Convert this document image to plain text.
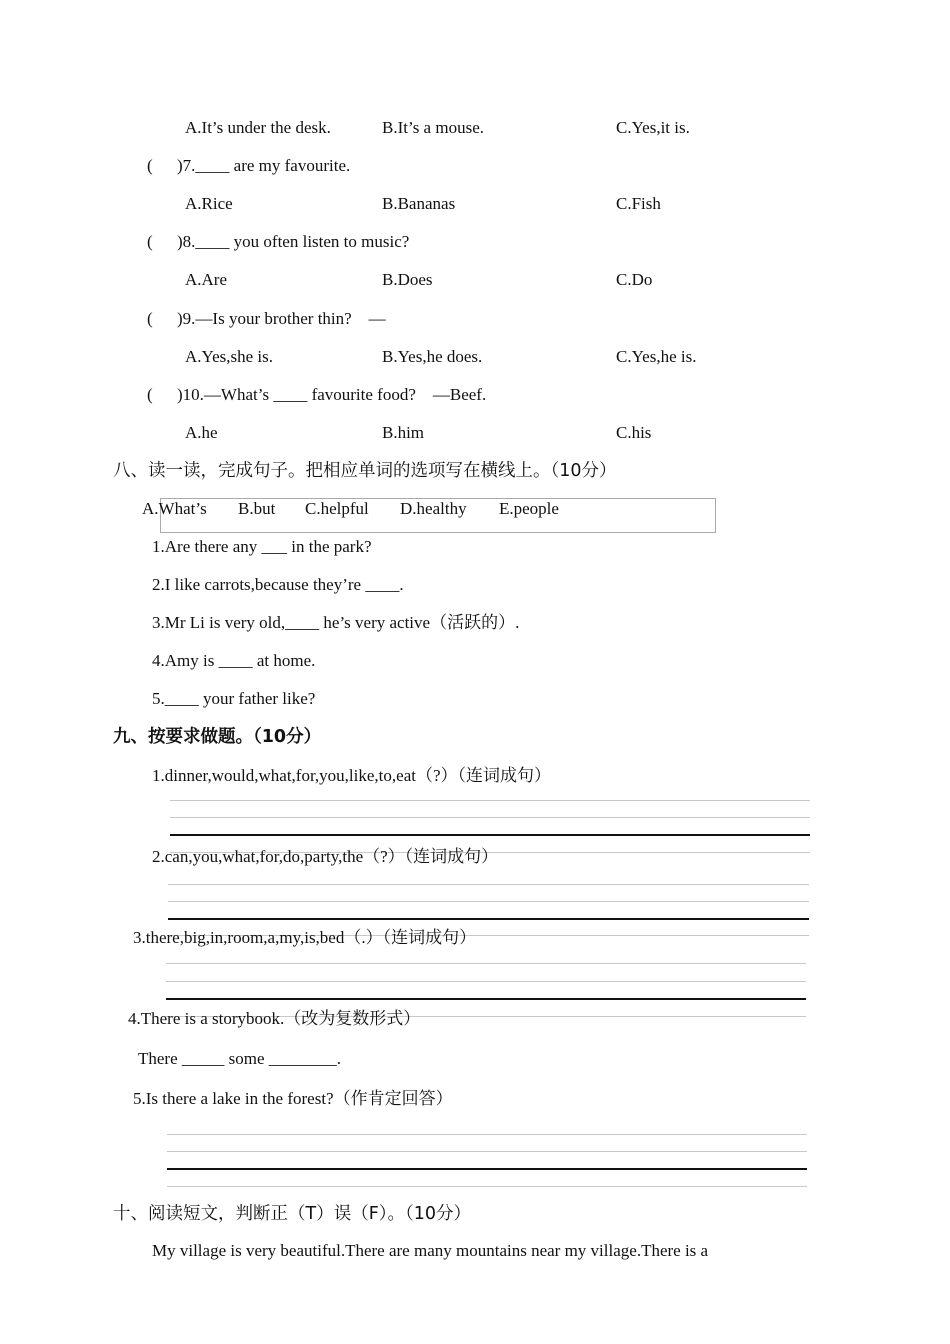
A.It’s under the desk.	B.It’s a mouse.	C.Yes,it is.
( )7.____ are my favourite.
A.Rice	B.Bananas	C.Fish
( )8.____ you often listen to music?
A.Are	B.Does	C.Do
( )9.—Is your brother thin?    —
A.Yes,she is.	B.Yes,he does.	C.Yes,he is.
( )10.—What’s ____ favourite food?    —Beef.
A.he	B.him	C.his
八、读一读，完成句子。把相应单词的选项写在横线上。（10分）
A.What’s B.but C.helpful D.healthy E.people
1.Are there any ___ in the park?
2.I like carrots,because they’re ____.
3.Mr Li is very old,____ he’s very active（活跃的）.
4.Amy is ____ at home.
5.____ your father like?
九、按要求做题。（10分）
1.dinner,would,what,for,you,like,to,eat（?）（连词成句）
2.can,you,what,for,do,party,the（?）（连词成句）
3.there,big,in,room,a,my,is,bed（.）（连词成句）
4.There is a storybook.（改为复数形式）
There _____ some ________.
5.Is there a lake in the forest?（作肯定回答）
十、阅读短文，判断正（T）误（F）。（10分）
My village is very beautiful.There are many mountains near my village.There is a
